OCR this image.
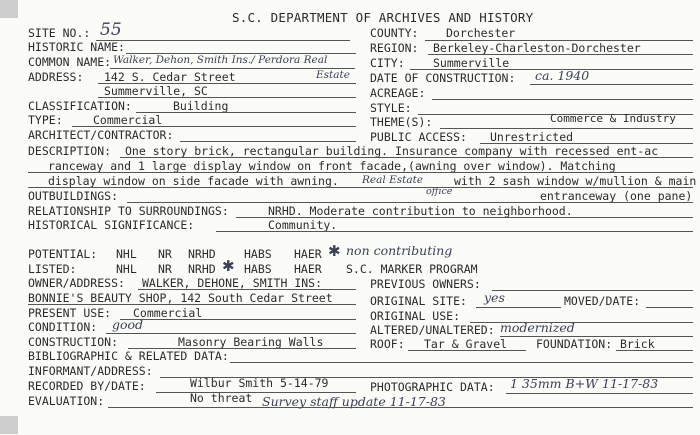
S.C. DEPARTMENT OF ARCHIVES AND HISTORY
SITE NO.: 55
HISTORIC NAME:
COMMON NAME: Walker, Dehon, Smith Ins./ Perdora Real
ADDRESS: 142 S. Cedar Street	Estate
Summerville, SC
CLASSIFICATION:	Building
TYPE:	Commercial
ARCHITECT/CONTRACTOR:
COUNTY: Dorchester
REGION: Berkeley-Charleston-Dorchester
CITY: Summerville
DATE OF CONSTRUCTION: ca. 1940
ACREAGE:
STYLE:
THEME(S):	Commerce & Industry
PUBLIC ACCESS: Unrestricted
DESCRIPTION: One story brick, rectangular building. Insurance company with recessed ent-ac
ranceway and 1 large display window on front facade,(awning over window). Matching
display window on side facade with awning. Real Estate
office
with 2 sash window w/mullion & main
OUTBUILDINGS:	entranceway (one pane)
RELATIONSHIP TO SURROUNDINGS:	NRHD. Moderate contribution to neighborhood.
HISTORICAL SIGNIFICANCE:	Community.
POTENTIAL: NHL NR NRHD HABS HAER ✱ non contributing
LISTED:	NHL NR NRHD ✱ HABS HAER S.C. MARKER PROGRAM
OWNER/ADDRESS: WALKER, DEHONE, SMITH INS:	PREVIOUS OWNERS:
BONNIE'S BEAUTY SHOP, 142 South Cedar Street	ORIGINAL SITE: yes	MOVED/DATE:
PRESENT USE: Commercial	ORIGINAL USE:
CONDITION: good	ALTERED/UNALTERED: modernized
CONSTRUCTION:	Masonry Bearing Walls	ROOF: Tar & Gravel	FOUNDATION: Brick
BIBLIOGRAPHIC & RELATED DATA:
INFORMANT/ADDRESS:
RECORDED BY/DATE:	Wilbur Smith 5-14-79	PHOTOGRAPHIC DATA: 1 35mm B+W 11-17-83
EVALUATION:	No threat Survey staff update 11-17-83
